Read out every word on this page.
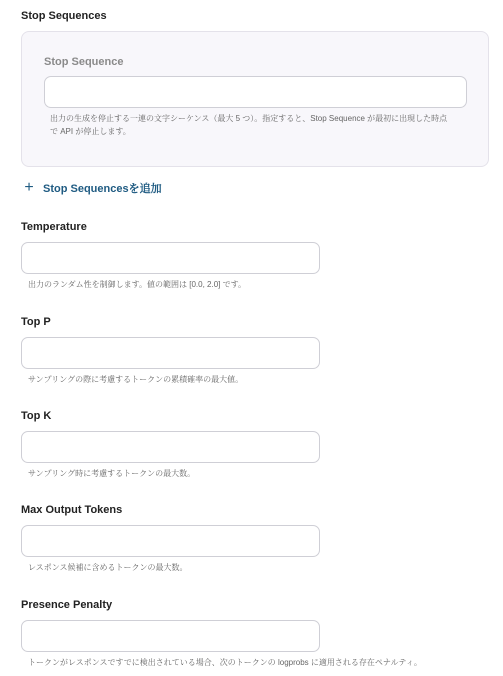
Stop Sequences
Stop Sequence
出力の生成を停止する一連の文字シーケンス（最大 5 つ）。指定すると、Stop Sequence が最初に出現した時点
で API が停止します。
+ Stop Sequencesを追加
Temperature
出力のランダム性を制御します。値の範囲は [0.0, 2.0] です。
Top P
サンプリングの際に考慮するトークンの累積確率の最大値。
Top K
サンプリング時に考慮するトークンの最大数。
Max Output Tokens
レスポンス候補に含めるトークンの最大数。
Presence Penalty
トークンがレスポンスですでに検出されている場合、次のトークンの logprobs に適用される存在ペナルティ。
